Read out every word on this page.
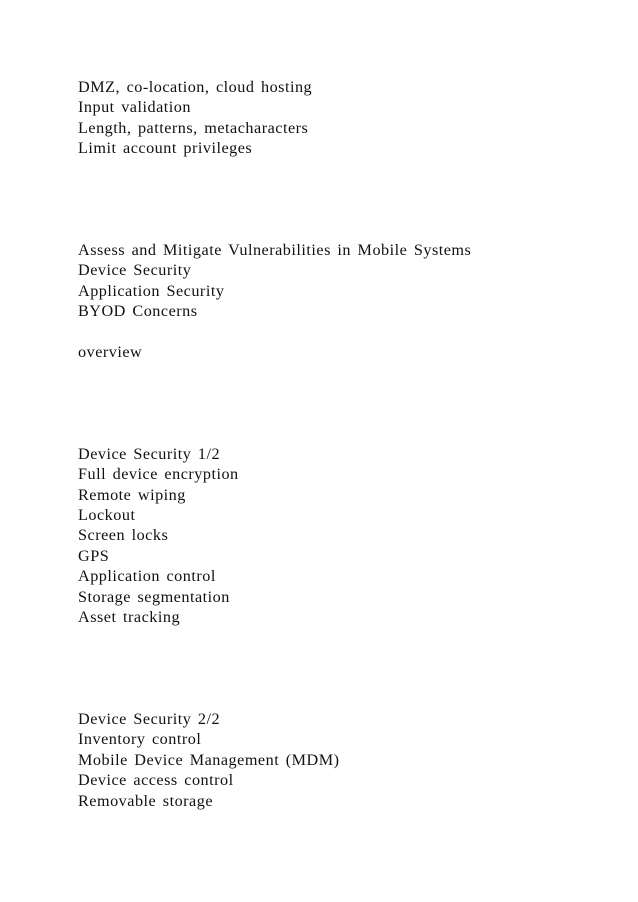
DMZ, co-location, cloud hosting
Input validation
Length, patterns, metacharacters
Limit account privileges
Assess and Mitigate Vulnerabilities in Mobile Systems
Device Security
Application Security
BYOD Concerns
overview
Device Security 1/2
Full device encryption
Remote wiping
Lockout
Screen locks
GPS
Application control
Storage segmentation
Asset tracking
Device Security 2/2
Inventory control
Mobile Device Management (MDM)
Device access control
Removable storage
